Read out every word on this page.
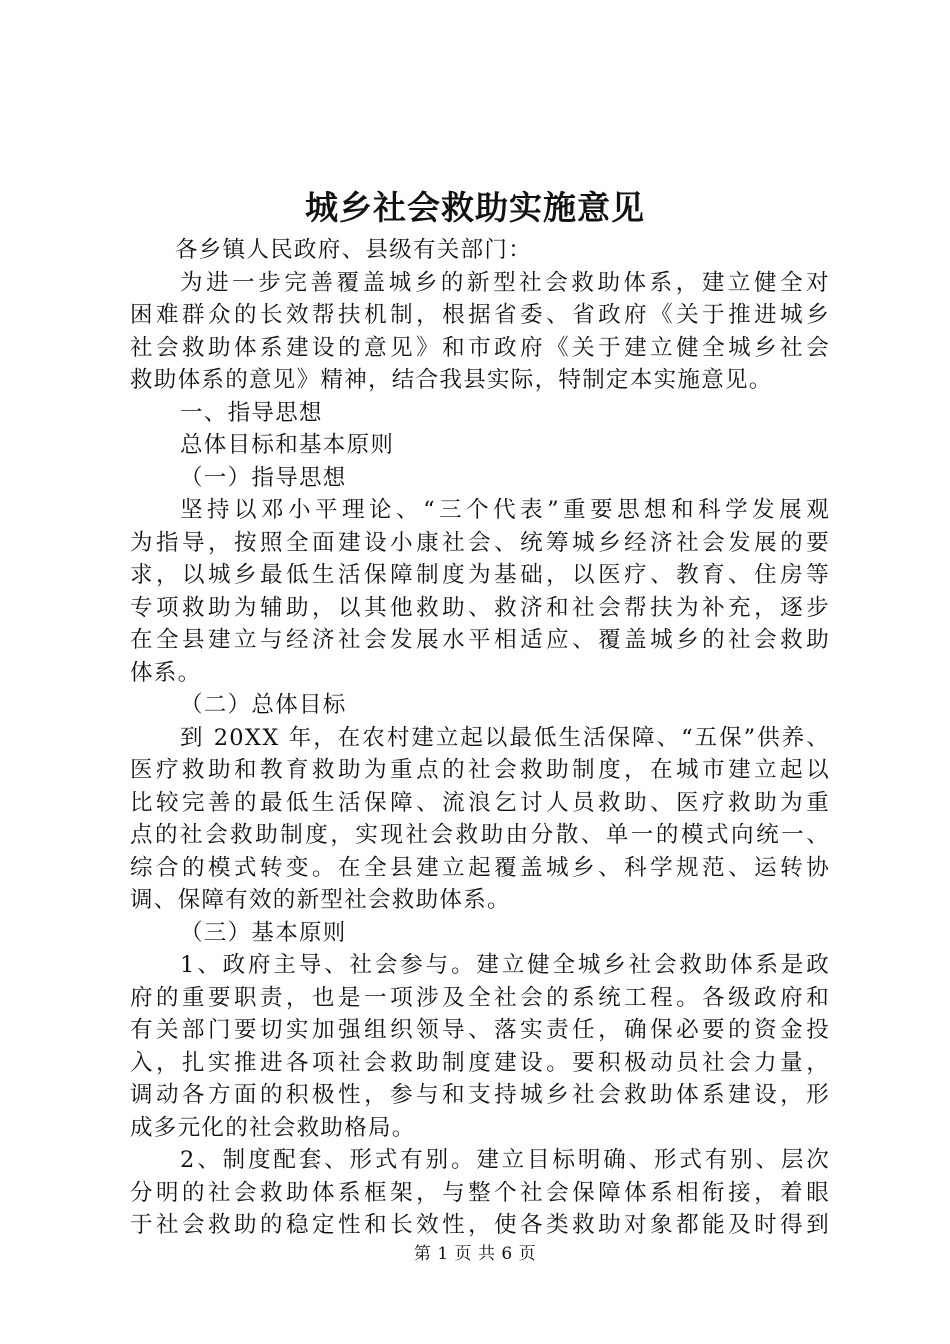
城乡社会救助实施意见
各乡镇人民政府、县级有关部门：
为进一步完善覆盖城乡的新型社会救助体系，建立健全对
困难群众的长效帮扶机制，根据省委、省政府《关于推进城乡
社会救助体系建设的意见》和市政府《关于建立健全城乡社会
救助体系的意见》精神，结合我县实际，特制定本实施意见。
一、指导思想
总体目标和基本原则
（一）指导思想
坚持以邓小平理论、“三个代表”重要思想和科学发展观
为指导，按照全面建设小康社会、统筹城乡经济社会发展的要
求，以城乡最低生活保障制度为基础，以医疗、教育、住房等
专项救助为辅助，以其他救助、救济和社会帮扶为补充，逐步
在全县建立与经济社会发展水平相适应、覆盖城乡的社会救助
体系。
（二）总体目标
到 20XX 年，在农村建立起以最低生活保障、“五保”供养、
医疗救助和教育救助为重点的社会救助制度，在城市建立起以
比较完善的最低生活保障、流浪乞讨人员救助、医疗救助为重
点的社会救助制度，实现社会救助由分散、单一的模式向统一、
综合的模式转变。在全县建立起覆盖城乡、科学规范、运转协
调、保障有效的新型社会救助体系。
（三）基本原则
1、政府主导、社会参与。建立健全城乡社会救助体系是政
府的重要职责，也是一项涉及全社会的系统工程。各级政府和
有关部门要切实加强组织领导、落实责任，确保必要的资金投
入，扎实推进各项社会救助制度建设。要积极动员社会力量，
调动各方面的积极性，参与和支持城乡社会救助体系建设，形
成多元化的社会救助格局。
2、制度配套、形式有别。建立目标明确、形式有别、层次
分明的社会救助体系框架，与整个社会保障体系相衔接，着眼
于社会救助的稳定性和长效性，使各类救助对象都能及时得到
第 1 页 共 6 页
